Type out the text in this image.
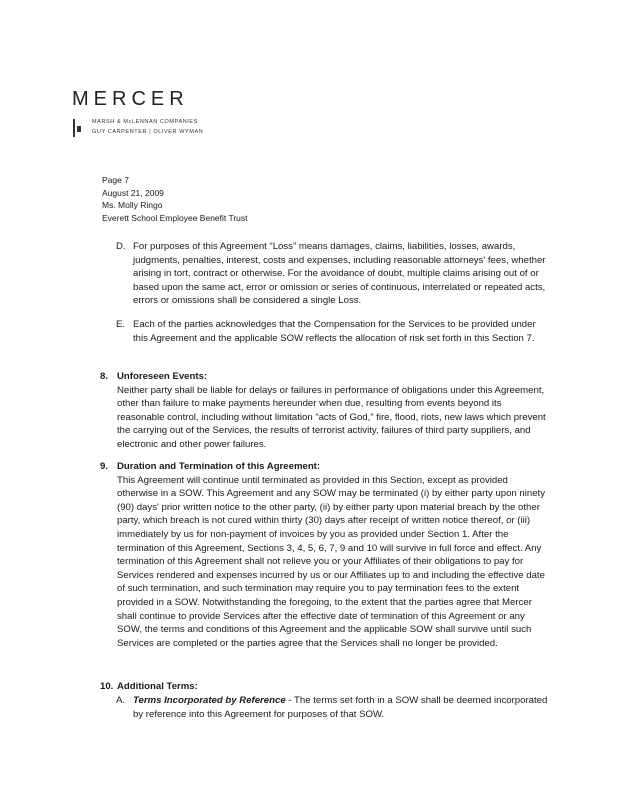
MERCER
MARSH & McLENNAN COMPANIES
GUY CARPENTER | OLIVER WYMAN
Page 7
August 21, 2009
Ms. Molly Ringo
Everett School Employee Benefit Trust
D. For purposes of this Agreement “Loss” means damages, claims, liabilities, losses, awards, judgments, penalties, interest, costs and expenses, including reasonable attorneys' fees, whether arising in tort, contract or otherwise. For the avoidance of doubt, multiple claims arising out of or based upon the same act, error or omission or series of continuous, interrelated or repeated acts, errors or omissions shall be considered a single Loss.
E. Each of the parties acknowledges that the Compensation for the Services to be provided under this Agreement and the applicable SOW reflects the allocation of risk set forth in this Section 7.
8. Unforeseen Events:
Neither party shall be liable for delays or failures in performance of obligations under this Agreement, other than failure to make payments hereunder when due, resulting from events beyond its reasonable control, including without limitation “acts of God,” fire, flood, riots, new laws which prevent the carrying out of the Services, the results of terrorist activity, failures of third party suppliers, and electronic and other power failures.
9. Duration and Termination of this Agreement:
This Agreement will continue until terminated as provided in this Section, except as provided otherwise in a SOW. This Agreement and any SOW may be terminated (i) by either party upon ninety (90) days' prior written notice to the other party, (ii) by either party upon material breach by the other party, which breach is not cured within thirty (30) days after receipt of written notice thereof, or (iii) immediately by us for non-payment of invoices by you as provided under Section 1. After the termination of this Agreement, Sections 3, 4, 5, 6, 7, 9 and 10 will survive in full force and effect. Any termination of this Agreement shall not relieve you or your Affiliates of their obligations to pay for Services rendered and expenses incurred by us or our Affiliates up to and including the effective date of such termination, and such termination may require you to pay termination fees to the extent provided in a SOW. Notwithstanding the foregoing, to the extent that the parties agree that Mercer shall continue to provide Services after the effective date of termination of this Agreement or any SOW, the terms and conditions of this Agreement and the applicable SOW shall survive until such Services are completed or the parties agree that the Services shall no longer be provided.
10. Additional Terms:
A. Terms Incorporated by Reference - The terms set forth in a SOW shall be deemed incorporated by reference into this Agreement for purposes of that SOW.
